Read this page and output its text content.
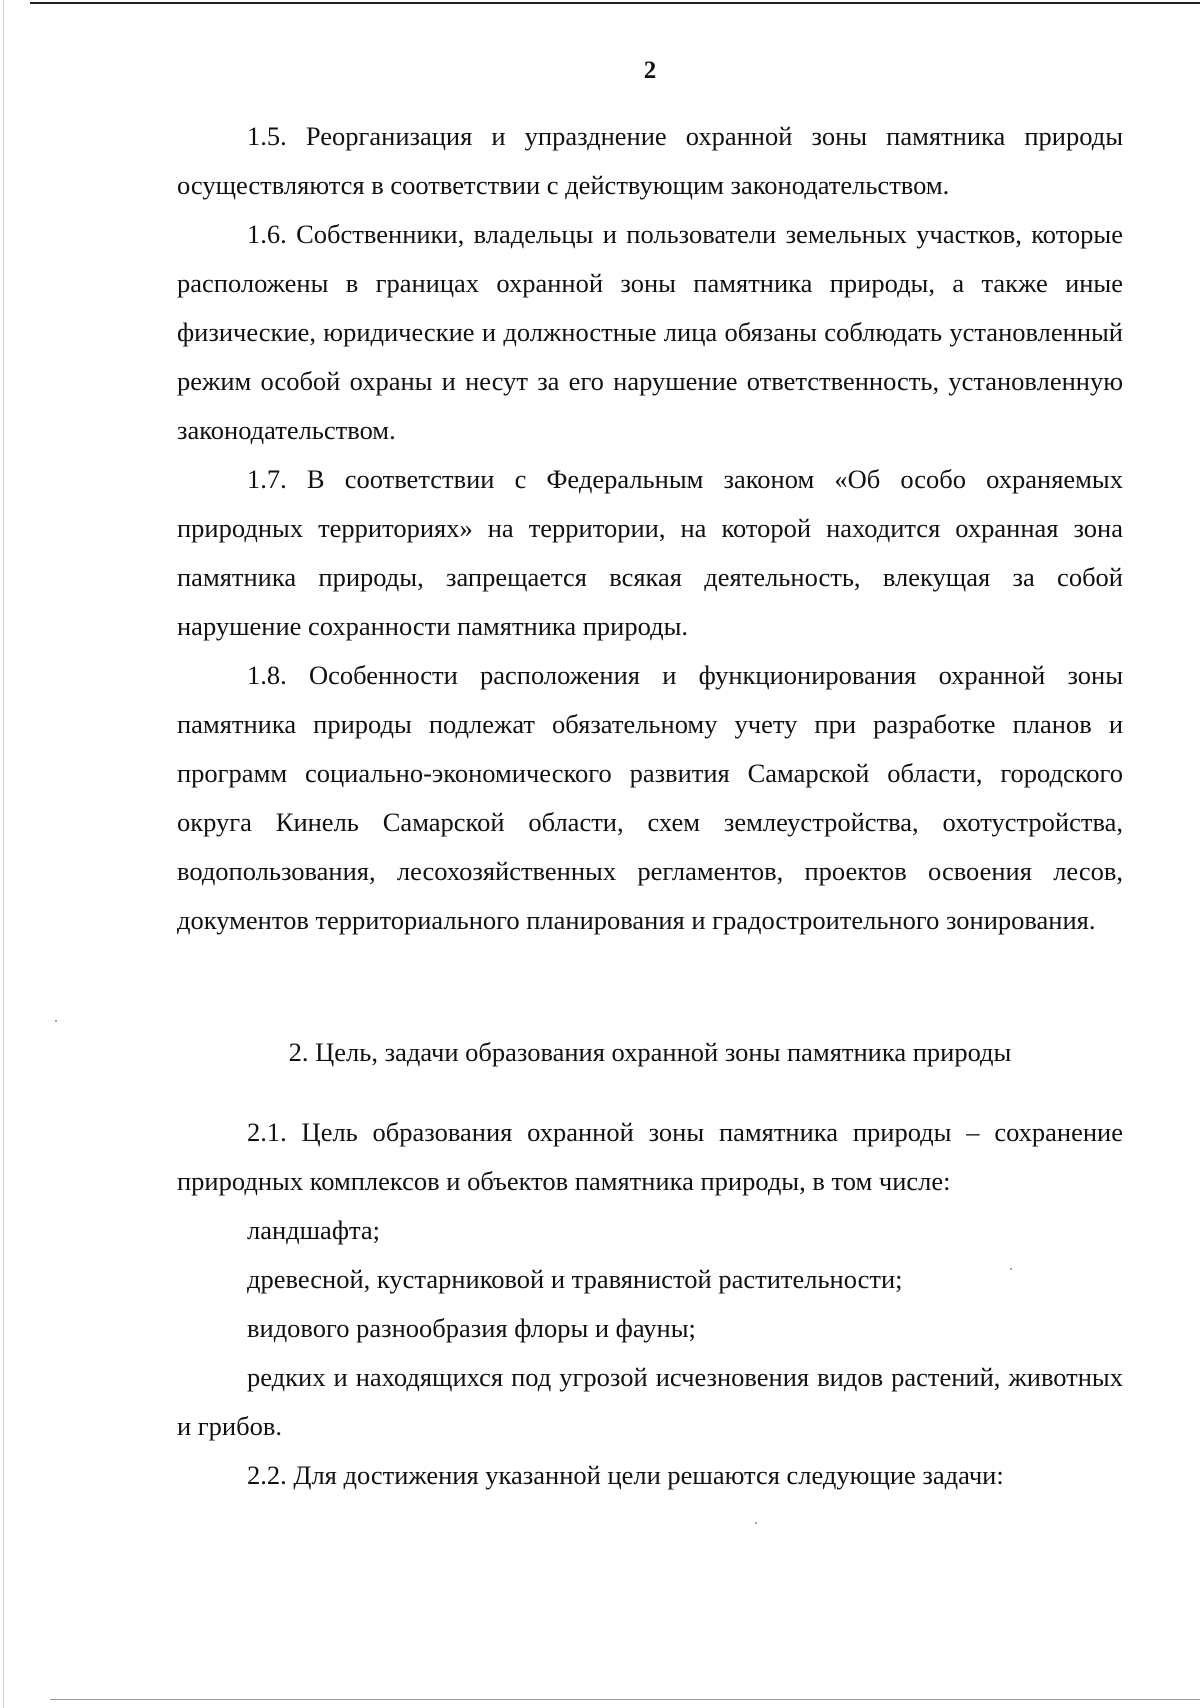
2

1.5. Реорганизация и упразднение охранной зоны памятника природы осуществляются в соответствии с действующим законодательством.

1.6. Собственники, владельцы и пользователи земельных участков, которые расположены в границах охранной зоны памятника природы, а также иные физические, юридические и должностные лица обязаны соблюдать установленный режим особой охраны и несут за его нарушение ответственность, установленную законодательством.

1.7. В соответствии с Федеральным законом «Об особо охраняемых природных территориях» на территории, на которой находится охранная зона памятника природы, запрещается всякая деятельность, влекущая за собой нарушение сохранности памятника природы.

1.8. Особенности расположения и функционирования охранной зоны памятника природы подлежат обязательному учету при разработке планов и программ социально-экономического развития Самарской области, городского округа Кинель Самарской области, схем землеустройства, охотустройства, водопользования, лесохозяйственных регламентов, проектов освоения лесов, документов территориального планирования и градостроительного зонирования.

2. Цель, задачи образования охранной зоны памятника природы

2.1. Цель образования охранной зоны памятника природы – сохранение природных комплексов и объектов памятника природы, в том числе:

ландшафта;

древесной, кустарниковой и травянистой растительности;

видового разнообразия флоры и фауны;

редких и находящихся под угрозой исчезновения видов растений, животных и грибов.

2.2. Для достижения указанной цели решаются следующие задачи:
